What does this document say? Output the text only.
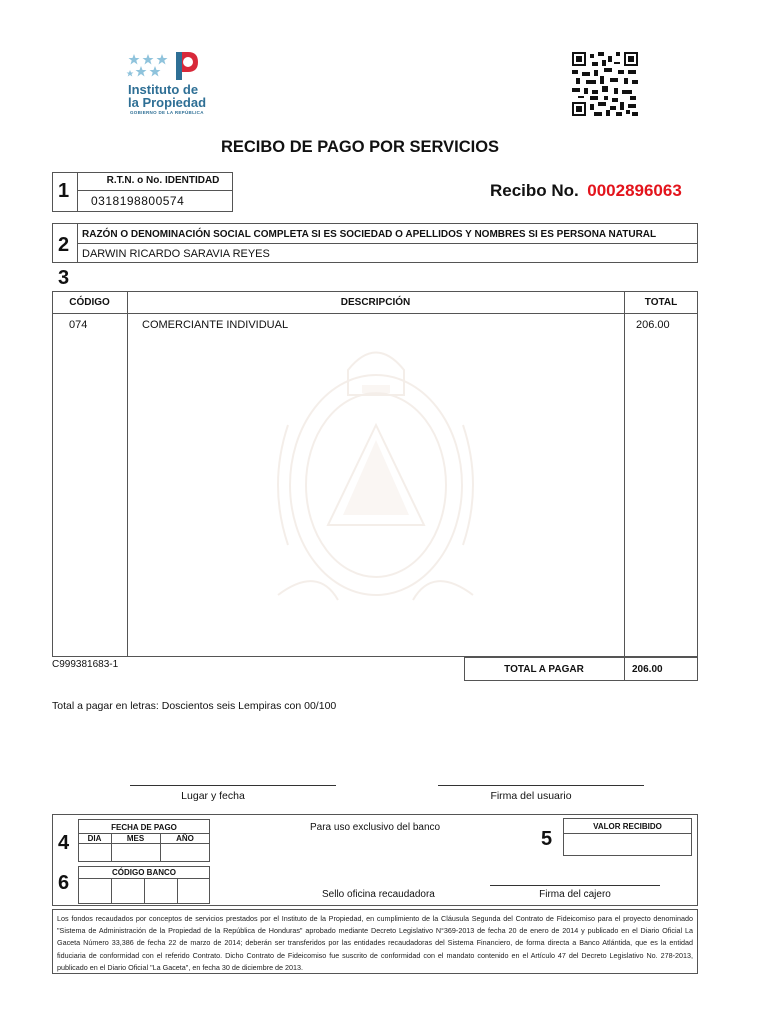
Instituto de
la Propiedad
GOBIERNO DE LA REPÚBLICA
RECIBO DE PAGO POR SERVICIOS
1	R.T.N. o No. IDENTIDAD
0318198800574
Recibo No. 0002896063
2 RAZÓN O DENOMINACIÓN SOCIAL COMPLETA SI ES SOCIEDAD O APELLIDOS Y NOMBRES SI ES PERSONA NATURAL
DARWIN RICARDO SARAVIA REYES
3
CÓDIGO	DESCRIPCIÓN	TOTAL
074	COMERCIANTE INDIVIDUAL	206.00
C999381683-1	TOTAL A PAGAR	206.00
Total a pagar en letras: Doscientos seis Lempiras con 00/100
Lugar y fecha	Firma del usuario
4
FECHA DE PAGO
DIA	MES	AÑO
6	CÓDIGO BANCO
Para uso exclusivo del banco
Sello oficina recaudadora
5
VALOR RECIBIDO
Firma del cajero
Los fondos recaudados por conceptos de servicios prestados por el Instituto de la Propiedad, en cumplimiento de la Cláusula Segunda del Contrato de Fideicomiso para el proyecto denominado "Sistema de Administración de la Propiedad de la República de Honduras" aprobado mediante Decreto Legislativo N°369-2013 de fecha 20 de enero de 2014 y publicado en el Diario Oficial La Gaceta Número 33,386 de fecha 22 de marzo de 2014; deberán ser transferidos por las entidades recaudadoras del Sistema Financiero, de forma directa a Banco Atlántida, que es la entidad fiduciaria de conformidad con el referido Contrato. Dicho Contrato de Fideicomiso fue suscrito de conformidad con el mandato contenido en el Artículo 47 del Decreto Legislativo No. 278-2013, publicado en el Diario Oficial "La Gaceta", en fecha 30 de diciembre de 2013.
